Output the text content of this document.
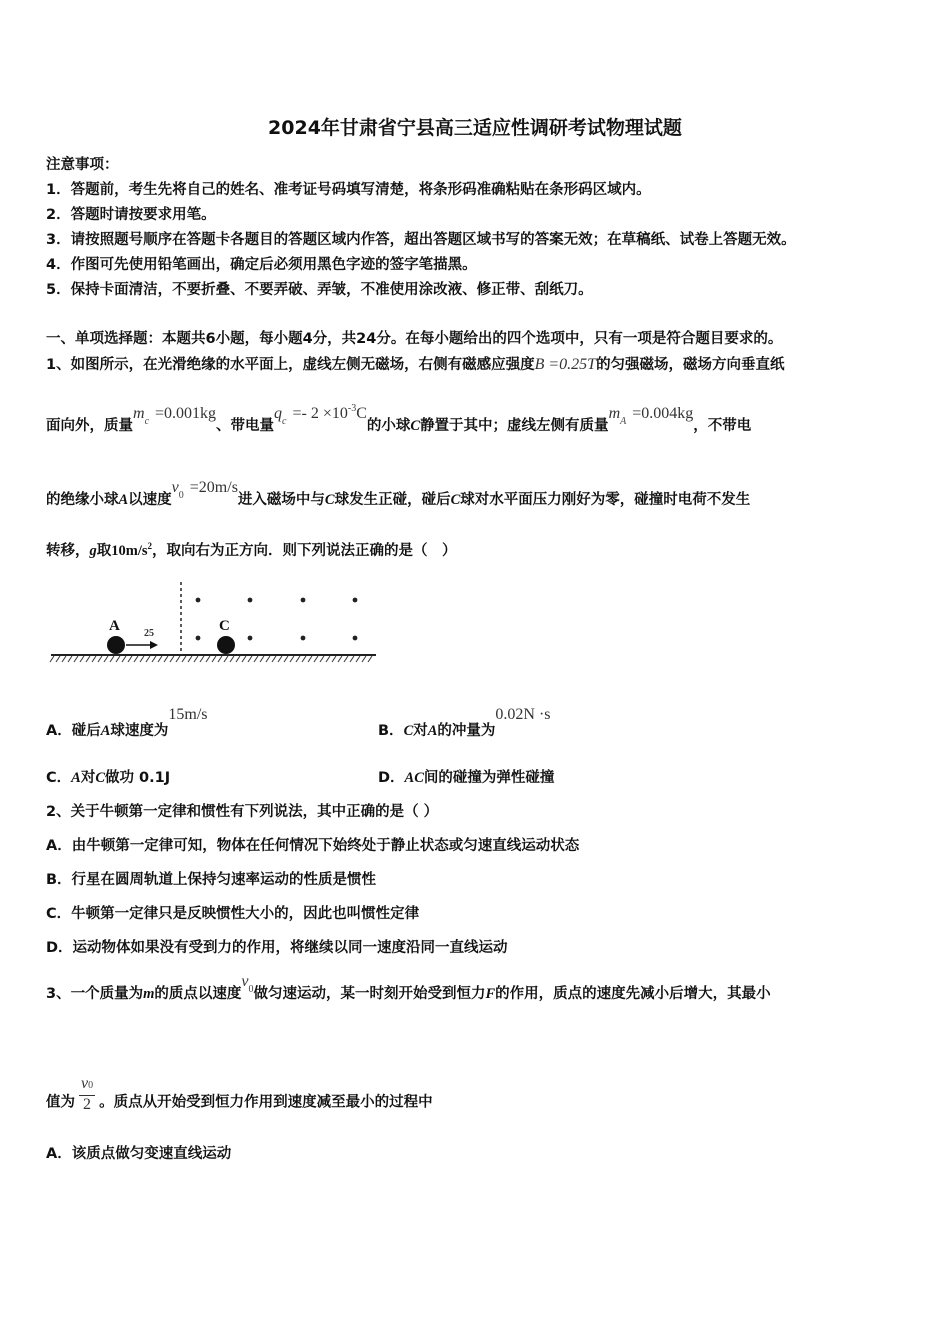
2024年甘肃省宁县高三适应性调研考试物理试题
注意事项：
1．答题前，考生先将自己的姓名、准考证号码填写清楚，将条形码准确粘贴在条形码区域内。
2．答题时请按要求用笔。
3．请按照题号顺序在答题卡各题目的答题区域内作答，超出答题区域书写的答案无效；在草稿纸、试卷上答题无效。
4．作图可先使用铅笔画出，确定后必须用黑色字迹的签字笔描黑。
5．保持卡面清洁，不要折叠、不要弄破、弄皱，不准使用涂改液、修正带、刮纸刀。
一、单项选择题：本题共6小题，每小题4分，共24分。在每小题给出的四个选项中，只有一项是符合题目要求的。
1、如图所示，在光滑绝缘的水平面上，虚线左侧无磁场，右侧有磁感应强度B =0.25T的匀强磁场，磁场方向垂直纸
面向外，质量$m_c =0.001kg$、带电量$q_c =- 2 \times 10^{-3}C$的小球C静置于其中；虚线左侧有质量$m_A =0.004kg$，不带电
的绝缘小球A以速度$v_0 =20m/s$进入磁场中与C球发生正碰，碰后C球对水平面压力刚好为零，碰撞时电荷不发生
转移，g取$10m/s^2$，取向右为正方向．则下列说法正确的是（　）
A	C
25
A．碰后A球速度为15m/s
B．C对A的冲量为0.02N ·s
C．A对C做功 0.1J	D．AC间的碰撞为弹性碰撞
2、关于牛顿第一定律和惯性有下列说法，其中正确的是（ ）
A．由牛顿第一定律可知，物体在任何情况下始终处于静止状态或匀速直线运动状态
B．行星在圆周轨道上保持匀速率运动的性质是惯性
C．牛顿第一定律只是反映惯性大小的，因此也叫惯性定律
D．运动物体如果没有受到力的作用，将继续以同一速度沿同一直线运动
3、一个质量为m的质点以速度$v_0$做匀速运动，某一时刻开始受到恒力F的作用，质点的速度先减小后增大，其最小
值为 $\frac{v0}{2}$ 。质点从开始受到恒力作用到速度减至最小的过程中
A．该质点做匀变速直线运动
